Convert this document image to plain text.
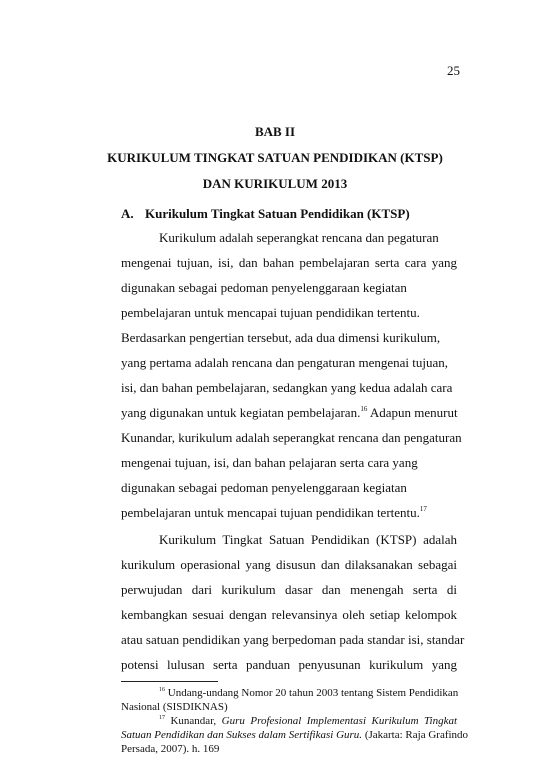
25
BAB II
KURIKULUM TINGKAT SATUAN PENDIDIKAN (KTSP)
DAN KURIKULUM 2013
A. Kurikulum Tingkat Satuan Pendidikan (KTSP)
Kurikulum adalah seperangkat rencana dan pegaturan
mengenai tujuan, isi, dan bahan pembelajaran serta cara yang
digunakan sebagai pedoman penyelenggaraan kegiatan
pembelajaran untuk mencapai tujuan pendidikan tertentu.
Berdasarkan pengertian tersebut, ada dua dimensi kurikulum,
yang pertama adalah rencana dan pengaturan mengenai tujuan,
isi, dan bahan pembelajaran, sedangkan yang kedua adalah cara
yang digunakan untuk kegiatan pembelajaran.$^{16}$ Adapun menurut
Kunandar, kurikulum adalah seperangkat rencana dan pengaturan
mengenai tujuan, isi, dan bahan pelajaran serta cara yang
digunakan sebagai pedoman penyelenggaraan kegiatan
pembelajaran untuk mencapai tujuan pendidikan tertentu.$^{17}$
Kurikulum Tingkat Satuan Pendidikan (KTSP) adalah
kurikulum operasional yang disusun dan dilaksanakan sebagai
perwujudan dari kurikulum dasar dan menengah serta di
kembangkan sesuai dengan relevansinya oleh setiap kelompok
atau satuan pendidikan yang berpedoman pada standar isi, standar
potensi lulusan serta panduan penyusunan kurikulum yang
$^{16}$ Undang-undang Nomor 20 tahun 2003 tentang Sistem Pendidikan
Nasional (SISDIKNAS)
$^{17}$ Kunandar, Guru Profesional Implementasi Kurikulum Tingkat
Satuan Pendidikan dan Sukses dalam Sertifikasi Guru. (Jakarta: Raja Grafindo
Persada, 2007). h. 169
